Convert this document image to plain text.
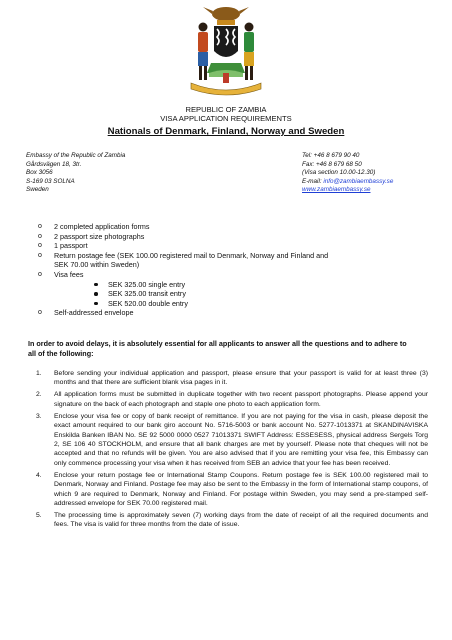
REPUBLIC OF ZAMBIA
VISA APPLICATION REQUIREMENTS
Nationals of Denmark, Finland, Norway and Sweden
Embassy of the Republic of Zambia
Gårdsvägen 18, 3tr.
Box 3056
S-169 03 SOLNA
Sweden
Tel: +46 8 679 90 40
Fax: +46 8 679 68 50
(Visa section 10.00-12.30)
E-mail: info@zambiaembassy.se
www.zambiaembassy.se
o 2 completed application forms
o 2 passport size photographs
o 1 passport
o Return postage fee (SEK 100.00 registered mail to Denmark, Norway and Finland and SEK 70.00 within Sweden)
o Visa fees
SEK 325.00 single entry
SEK 325.00 transit entry
SEK 520.00 double entry
o Self-addressed envelope
In order to avoid delays, it is absolutely essential for all applicants to answer all the questions and to adhere to all of the following:
1. Before sending your individual application and passport, please ensure that your passport is valid for at least three (3) months and that there are sufficient blank visa pages in it.
2. All application forms must be submitted in duplicate together with two recent passport photographs. Please append your signature on the back of each photograph and staple one photo to each application form.
3. Enclose your visa fee or copy of bank receipt of remittance. If you are not paying for the visa in cash, please deposit the exact amount required to our bank giro account No. 5716-5003 or bank account No. 5277-1013371 at SKANDINAVISKA Enskilda Banken IBAN No. SE 92 5000 0000 0527 71013371 SWIFT Address: ESSESESS, physical address Sergels Torg 2, SE 106 40 STOCKHOLM, and ensure that all bank charges are met by yourself. Please note that cheques will not be accepted and that no refunds will be given. You are also advised that if you are remitting your visa fee, this Embassy can only commence processing your visa when it has received from SEB an advice that your fee has been received.
4. Enclose your return postage fee or International Stamp Coupons. Return postage fee is SEK 100.00 registered mail to Denmark, Norway and Finland. Postage fee may also be sent to the Embassy in the form of International stamp coupons, of which 9 are required to Denmark, Norway and Finland. For postage within Sweden, you may send a pre-stamped self-addressed envelope for SEK 70.00 registered mail.
5. The processing time is approximately seven (7) working days from the date of receipt of all the required documents and fees. The visa is valid for three months from the date of issue.
